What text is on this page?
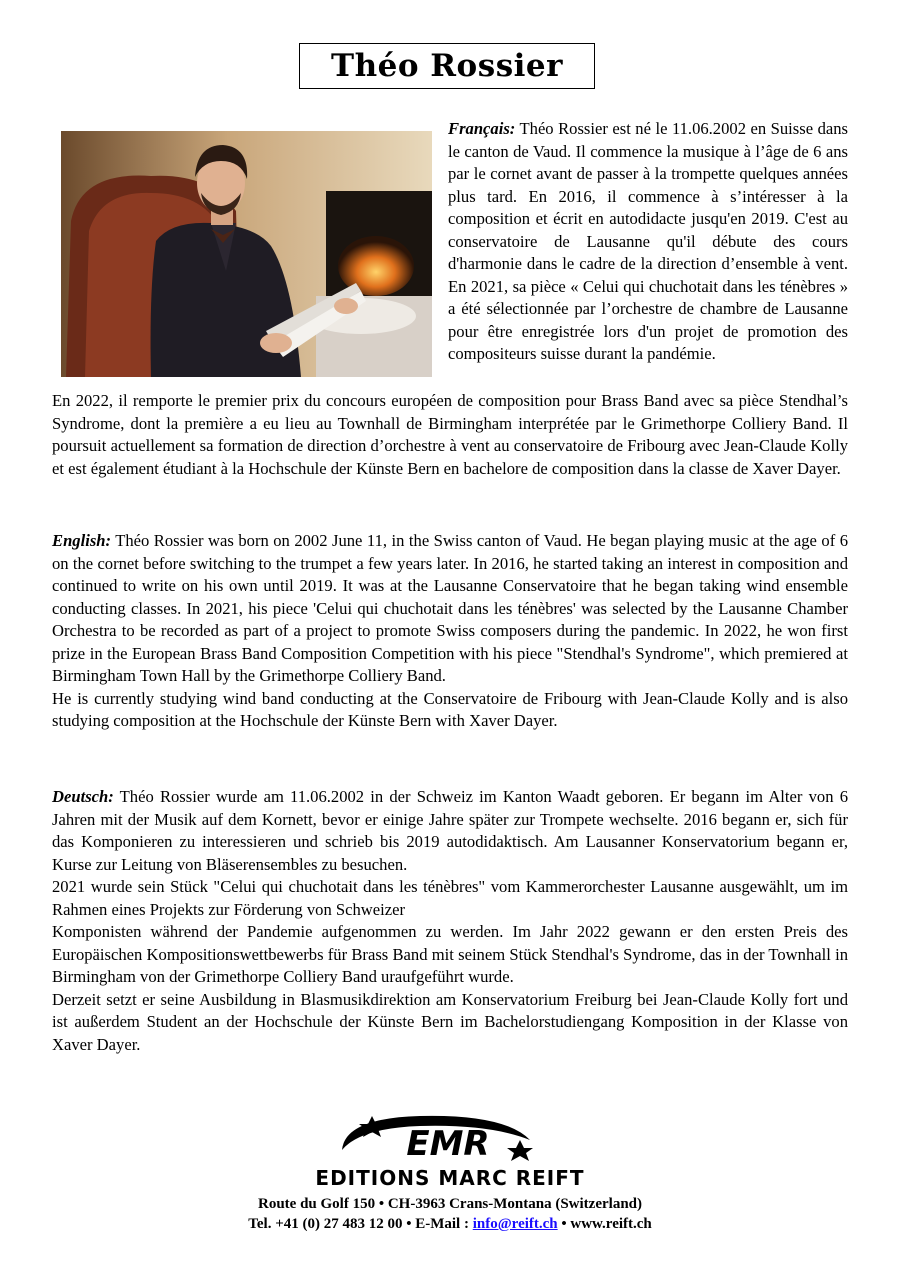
Théo Rossier

Français: Théo Rossier est né le 11.06.2002 en Suisse dans le canton de Vaud. Il commence la musique à l’âge de 6 ans par le cornet avant de passer à la trompette quelques années plus tard. En 2016, il commence à s’intéresser à la composition et écrit en autodidacte jusqu'en 2019. C'est au conservatoire de Lausanne qu'il débute des cours d'harmonie dans le cadre de la direction d’ensemble à vent. En 2021, sa pièce « Celui qui chuchotait dans les ténèbres » a été sélectionnée par l’orchestre de chambre de Lausanne pour être enregistrée lors d'un projet de promotion des compositeurs suisse durant la pandémie.

En 2022, il remporte le premier prix du concours européen de composition pour Brass Band avec sa pièce Stendhal’s Syndrome, dont la première a eu lieu au Townhall de Birmingham interprétée par le Grimethorpe Colliery Band. Il poursuit actuellement sa formation de direction d’orchestre à vent au conservatoire de Fribourg avec Jean-Claude Kolly et est également étudiant à la Hochschule der Künste Bern en bachelore de composition dans la classe de Xaver Dayer.

English: Théo Rossier was born on 2002 June 11, in the Swiss canton of Vaud. He began playing music at the age of 6 on the cornet before switching to the trumpet a few years later. In 2016, he started taking an interest in composition and continued to write on his own until 2019. It was at the Lausanne Conservatoire that he began taking wind ensemble conducting classes. In 2021, his piece 'Celui qui chuchotait dans les ténèbres' was selected by the Lausanne Chamber Orchestra to be recorded as part of a project to promote Swiss composers during the pandemic. In 2022, he won first prize in the European Brass Band Composition Competition with his piece "Stendhal's Syndrome", which premiered at Birmingham Town Hall by the Grimethorpe Colliery Band.

He is currently studying wind band conducting at the Conservatoire de Fribourg with Jean-Claude Kolly and is also studying composition at the Hochschule der Künste Bern with Xaver Dayer.

Deutsch: Théo Rossier wurde am 11.06.2002 in der Schweiz im Kanton Waadt geboren. Er begann im Alter von 6 Jahren mit der Musik auf dem Kornett, bevor er einige Jahre später zur Trompete wechselte. 2016 begann er, sich für das Komponieren zu interessieren und schrieb bis 2019 autodidaktisch. Am Lausanner Konservatorium begann er, Kurse zur Leitung von Bläserensembles zu besuchen.

2021 wurde sein Stück "Celui qui chuchotait dans les ténèbres" vom Kammerorchester Lausanne ausgewählt, um im Rahmen eines Projekts zur Förderung von Schweizer

Komponisten während der Pandemie aufgenommen zu werden. Im Jahr 2022 gewann er den ersten Preis des Europäischen Kompositionswettbewerbs für Brass Band mit seinem Stück Stendhal's Syndrome, das in der Townhall in Birmingham von der Grimethorpe Colliery Band uraufgeführt wurde.

Derzeit setzt er seine Ausbildung in Blasmusikdirektion am Konservatorium Freiburg bei Jean-Claude Kolly fort und ist außerdem Student an der Hochschule der Künste Bern im Bachelorstudiengang Komposition in der Klasse von Xaver Dayer.

EMR
EDITIONS MARC REIFT
Route du Golf 150 • CH-3963 Crans-Montana (Switzerland)
Tel. +41 (0) 27 483 12 00 • E-Mail : info@reift.ch • www.reift.ch
